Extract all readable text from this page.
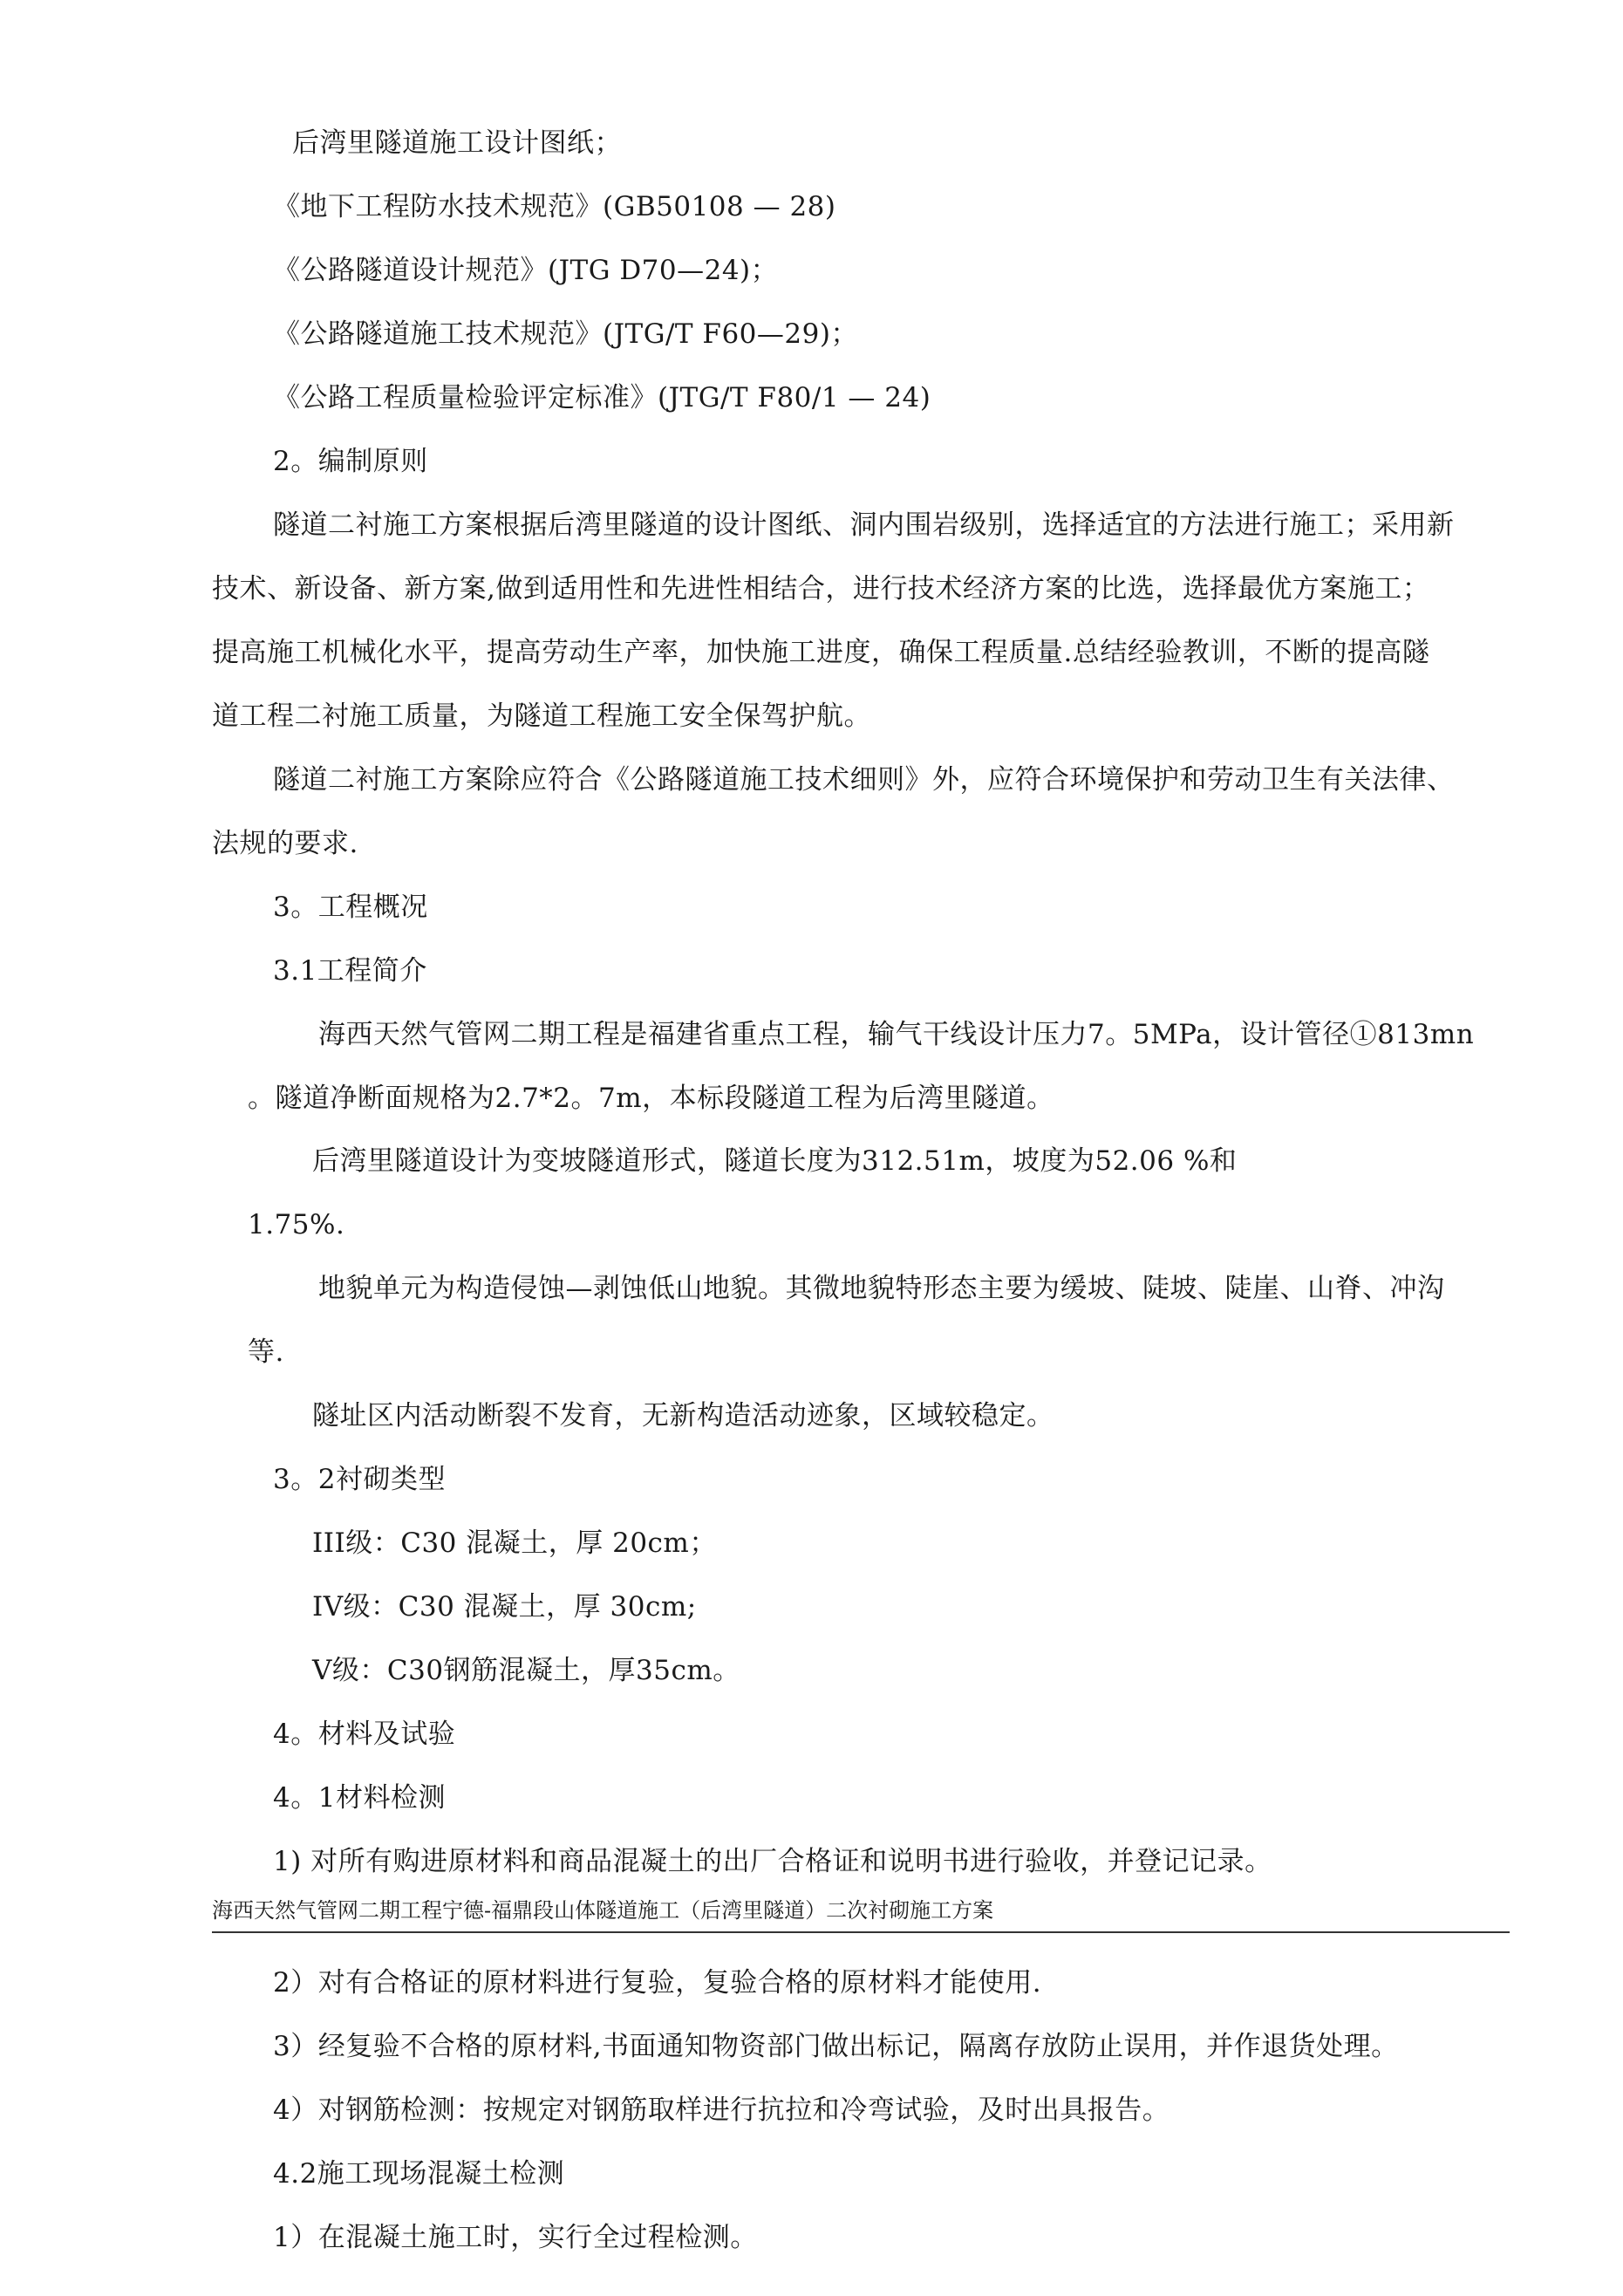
后湾里隧道施工设计图纸；
《地下工程防水技术规范》(GB50108 — 28)
《公路隧道设计规范》(JTG D70—24)；
《公路隧道施工技术规范》(JTG/T F60—29)；
《公路工程质量检验评定标准》(JTG/T F80/1 — 24)
2。编制原则
隧道二衬施工方案根据后湾里隧道的设计图纸、洞内围岩级别，选择适宜的方法进行施工；采用新
技术、新设备、新方案,做到适用性和先进性相结合，进行技术经济方案的比选，选择最优方案施工；
提高施工机械化水平，提高劳动生产率，加快施工进度，确保工程质量.总结经验教训，不断的提高隧
道工程二衬施工质量，为隧道工程施工安全保驾护航。
隧道二衬施工方案除应符合《公路隧道施工技术细则》外，应符合环境保护和劳动卫生有关法律、
法规的要求.
3。工程概况
3.1工程简介
海西天然气管网二期工程是福建省重点工程，输气干线设计压力7。5MPa，设计管径①813mn
。隧道净断面规格为2.7*2。7m，本标段隧道工程为后湾里隧道。
后湾里隧道设计为变坡隧道形式，隧道长度为312.51m，坡度为52.06 %和
1.75%.
地貌单元为构造侵蚀—剥蚀低山地貌。其微地貌特形态主要为缓坡、陡坡、陡崖、山脊、冲沟
等.
隧址区内活动断裂不发育，无新构造活动迹象，区域较稳定。
3。2衬砌类型
III级：C30 混凝土，厚 20cm；
IV级：C30 混凝土，厚 30cm;
V级：C30钢筋混凝土，厚35cm。
4。材料及试验
4。1材料检测
1) 对所有购进原材料和商品混凝土的出厂合格证和说明书进行验收，并登记记录。
海西天然气管网二期工程宁德-福鼎段山体隧道施工（后湾里隧道）二次衬砌施工方案
2）对有合格证的原材料进行复验，复验合格的原材料才能使用.
3）经复验不合格的原材料,书面通知物资部门做出标记，隔离存放防止误用，并作退货处理。
4）对钢筋检测：按规定对钢筋取样进行抗拉和冷弯试验，及时出具报告。
4.2施工现场混凝土检测
1）在混凝土施工时，实行全过程检测。
